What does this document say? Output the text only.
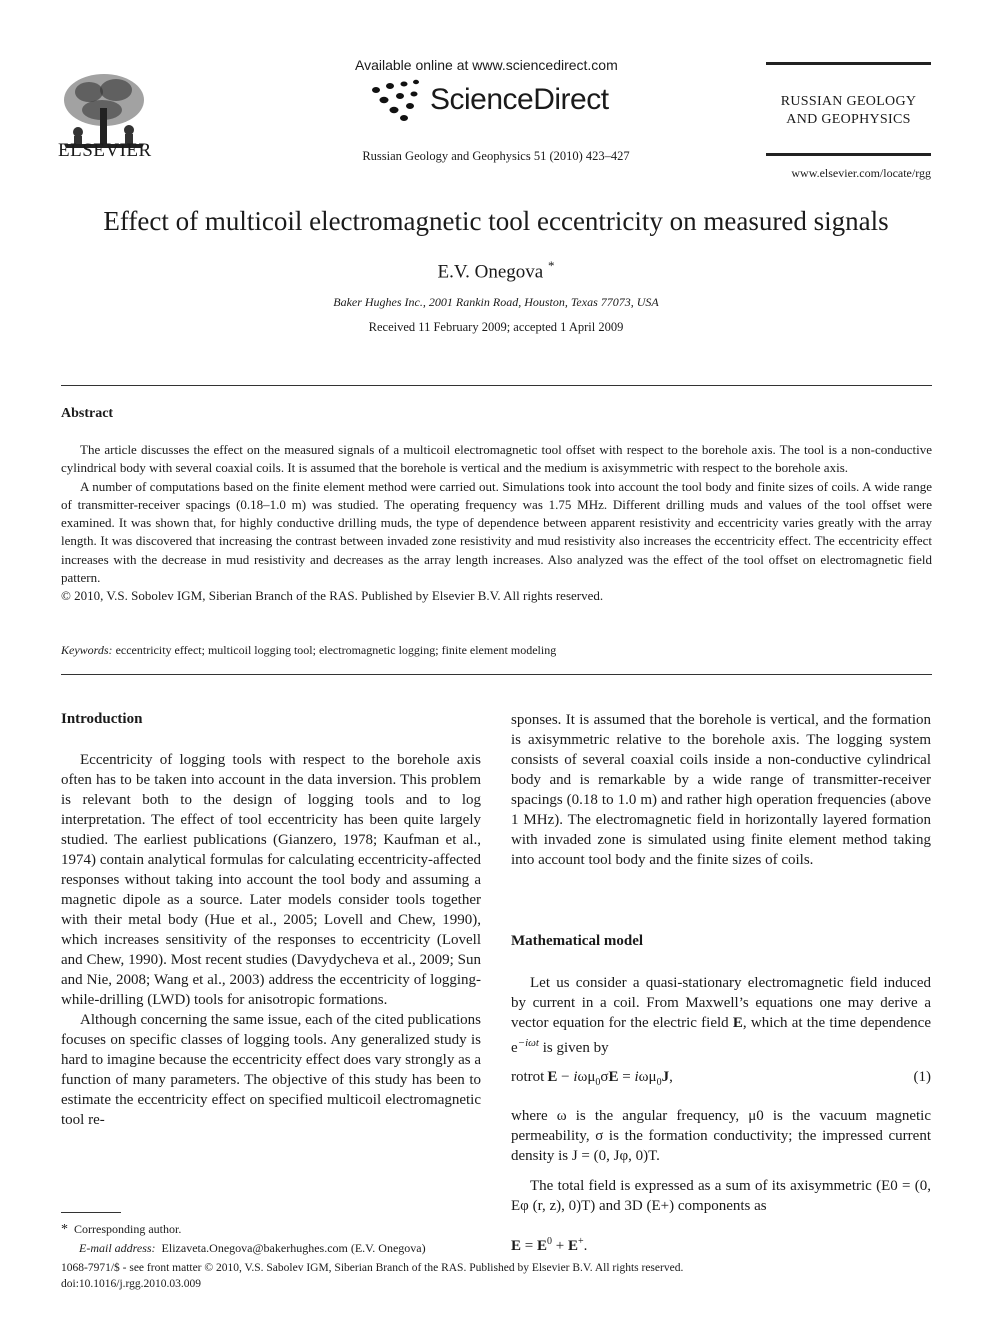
ELSEVIER
Available online at www.sciencedirect.com
ScienceDirect
Russian Geology and Geophysics 51 (2010) 423–427
RUSSIAN GEOLOGY
AND GEOPHYSICS
www.elsevier.com/locate/rgg
Effect of multicoil electromagnetic tool eccentricity on measured signals
E.V. Onegova *
Baker Hughes Inc., 2001 Rankin Road, Houston, Texas 77073, USA
Received 11 February 2009; accepted 1 April 2009
Abstract

The article discusses the effect on the measured signals of a multicoil electromagnetic tool offset with respect to the borehole axis. The tool is a non-conductive cylindrical body with several coaxial coils. It is assumed that the borehole is vertical and the medium is axisymmetric with respect to the borehole axis.

A number of computations based on the finite element method were carried out. Simulations took into account the tool body and finite sizes of coils. A wide range of transmitter-receiver spacings (0.18–1.0 m) was studied. The operating frequency was 1.75 MHz. Different drilling muds and values of the tool offset were examined. It was shown that, for highly conductive drilling muds, the type of dependence between apparent resistivity and eccentricity varies greatly with the array length. It was discovered that increasing the contrast between invaded zone resistivity and mud resistivity also increases the eccentricity effect. The eccentricity effect increases with the decrease in mud resistivity and decreases as the array length increases. Also analyzed was the effect of the tool offset on electromagnetic field pattern.

© 2010, V.S. Sobolev IGM, Siberian Branch of the RAS. Published by Elsevier B.V. All rights reserved.

Keywords: eccentricity effect; multicoil logging tool; electromagnetic logging; finite element modeling
Introduction

Eccentricity of logging tools with respect to the borehole axis often has to be taken into account in the data inversion. This problem is relevant both to the design of logging tools and to log interpretation. The effect of tool eccentricity has been quite largely studied. The earliest publications (Gianzero, 1978; Kaufman et al., 1974) contain analytical formulas for calculating eccentricity-affected responses without taking into account the tool body and assuming a magnetic dipole as a source. Later models consider tools together with their metal body (Hue et al., 2005; Lovell and Chew, 1990), which increases sensitivity of the responses to eccentricity (Lovell and Chew, 1990). Most recent studies (Davydycheva et al., 2009; Sun and Nie, 2008; Wang et al., 2003) address the eccentricity of logging-while-drilling (LWD) tools for anisotropic formations.

Although concerning the same issue, each of the cited publications focuses on specific classes of logging tools. Any generalized study is hard to imagine because the eccentricity effect does vary strongly as a function of many parameters. The objective of this study has been to estimate the eccentricity effect on specified multicoil electromagnetic tool re-

sponses. It is assumed that the borehole is vertical, and the formation is axisymmetric relative to the borehole axis. The logging system consists of several coaxial coils inside a non-conductive cylindrical body and is remarkable by a wide range of transmitter-receiver spacings (0.18 to 1.0 m) and rather high operation frequencies (above 1 MHz). The electromagnetic field in horizontally layered formation with invaded zone is simulated using finite element method taking into account tool body and the finite sizes of coils.

Mathematical model

Let us consider a quasi-stationary electromagnetic field induced by current in a coil. From Maxwell’s equations one may derive a vector equation for the electric field E, which at the time dependence $e^{-i\omega t}$ is given by

rotrot E − iωμ$_0$σE = iωμ$_0$J,	(1)

where ω is the angular frequency, μ0 is the vacuum magnetic permeability, σ is the formation conductivity; the impressed current density is J = (0, Jφ, 0)T.

The total field is expressed as a sum of its axisymmetric (E0 = (0, Eφ (r, z), 0)T) and 3D (E+) components as

$E = E^0 + E^+$.
* Corresponding author.
E-mail address: Elizaveta.Onegova@bakerhughes.com (E.V. Onegova)
1068-7971/$ - see front matter © 2010, V.S. Sabolev IGM, Siberian Branch of the RAS. Published by Elsevier B.V. All rights reserved.
doi:10.1016/j.rgg.2010.03.009
